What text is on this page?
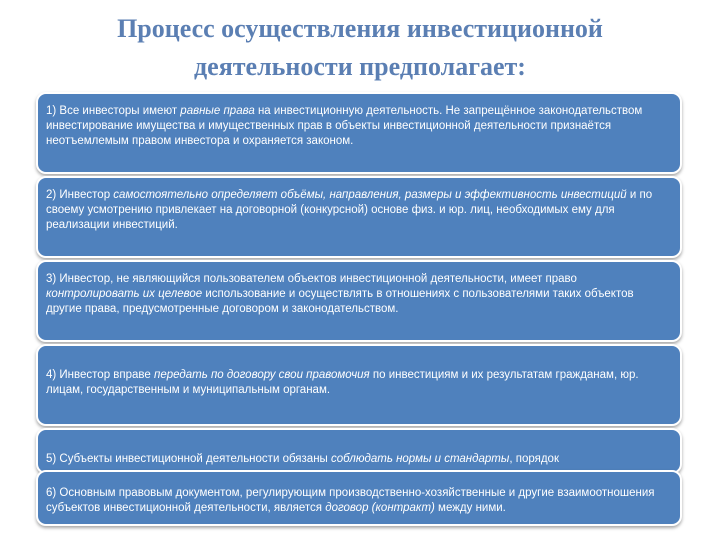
Процесс осуществления инвестиционной
деятельности предполагает:
1) Все инвесторы имеют равные права на инвестиционную деятельность. Не запрещённое законодательством инвестирование имущества и имущественных прав в объекты инвестиционной деятельности признаётся неотъемлемым правом инвестора и охраняется законом.
2) Инвестор самостоятельно определяет объёмы, направления, размеры и эффективность инвестиций и по своему усмотрению привлекает на договорной (конкурсной) основе физ. и юр. лиц, необходимых ему для реализации инвестиций.
3) Инвестор, не являющийся пользователем объектов инвестиционной деятельности, имеет право контролировать их целевое использование и осуществлять в отношениях с пользователями таких объектов другие права, предусмотренные договором и законодательством.
4) Инвестор вправе передать по договору свои правомочия по инвестициям и их результатам гражданам, юр. лицам, государственным и муниципальным органам.
5) Субъекты инвестиционной деятельности обязаны соблюдать нормы и стандарты, порядок
6) Основным правовым документом, регулирующим производственно-хозяйственные и другие взаимоотношения субъектов инвестиционной деятельности, является договор (контракт) между ними.
